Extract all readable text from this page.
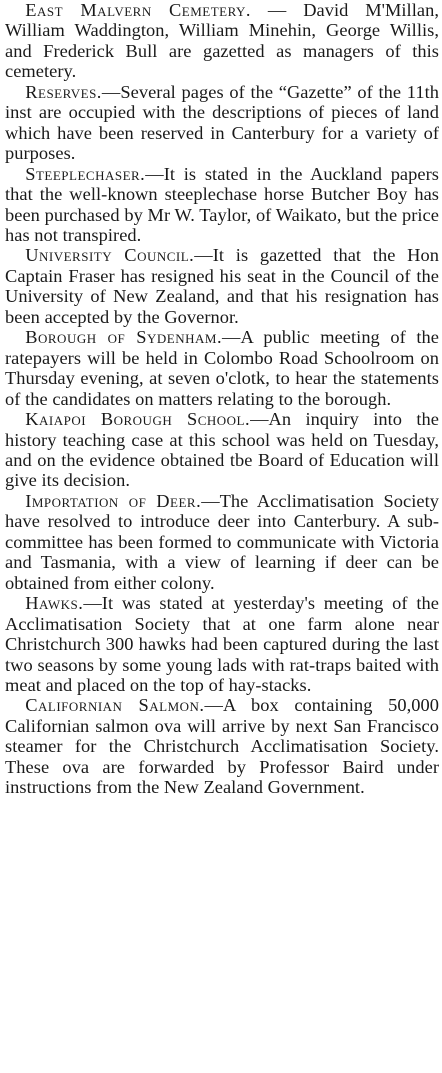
East Malvern Cemetery. — David M'Millan, William Waddington, William Minehin, George Willis, and Frederick Bull are gazetted as managers of this cemetery.

Reserves.—Several pages of the “Gazette” of the 11th inst are occupied with the descriptions of pieces of land which have been reserved in Canterbury for a variety of purposes.

Steeplechaser.—It is stated in the Auckland papers that the well-known steeplechase horse Butcher Boy has been purchased by Mr W. Taylor, of Waikato, but the price has not transpired.

University Council.—It is gazetted that the Hon Captain Fraser has resigned his seat in the Council of the University of New Zealand, and that his resignation has been accepted by the Governor.

Borough of Sydenham.—A public meeting of the ratepayers will be held in Colombo Road Schoolroom on Thursday evening, at seven o'clotk, to hear the statements of the candidates on matters relating to the borough.

Kaiapoi Borough School.—An inquiry into the history teaching case at this school was held on Tuesday, and on the evidence obtained tbe Board of Education will give its decision.

Importation of Deer.—The Acclimatisation Society have resolved to introduce deer into Canterbury. A sub-committee has been formed to communicate with Victoria and Tasmania, with a view of learning if deer can be obtained from either colony.

Hawks.—It was stated at yesterday's meeting of the Acclimatisation Society that at one farm alone near Christchurch 300 hawks had been captured during the last two seasons by some young lads with rat-traps baited with meat and placed on the top of hay-stacks.

Californian Salmon.—A box containing 50,000 Californian salmon ova will arrive by next San Francisco steamer for the Christchurch Acclimatisation Society. These ova are forwarded by Professor Baird under instructions from the New Zealand Government.
